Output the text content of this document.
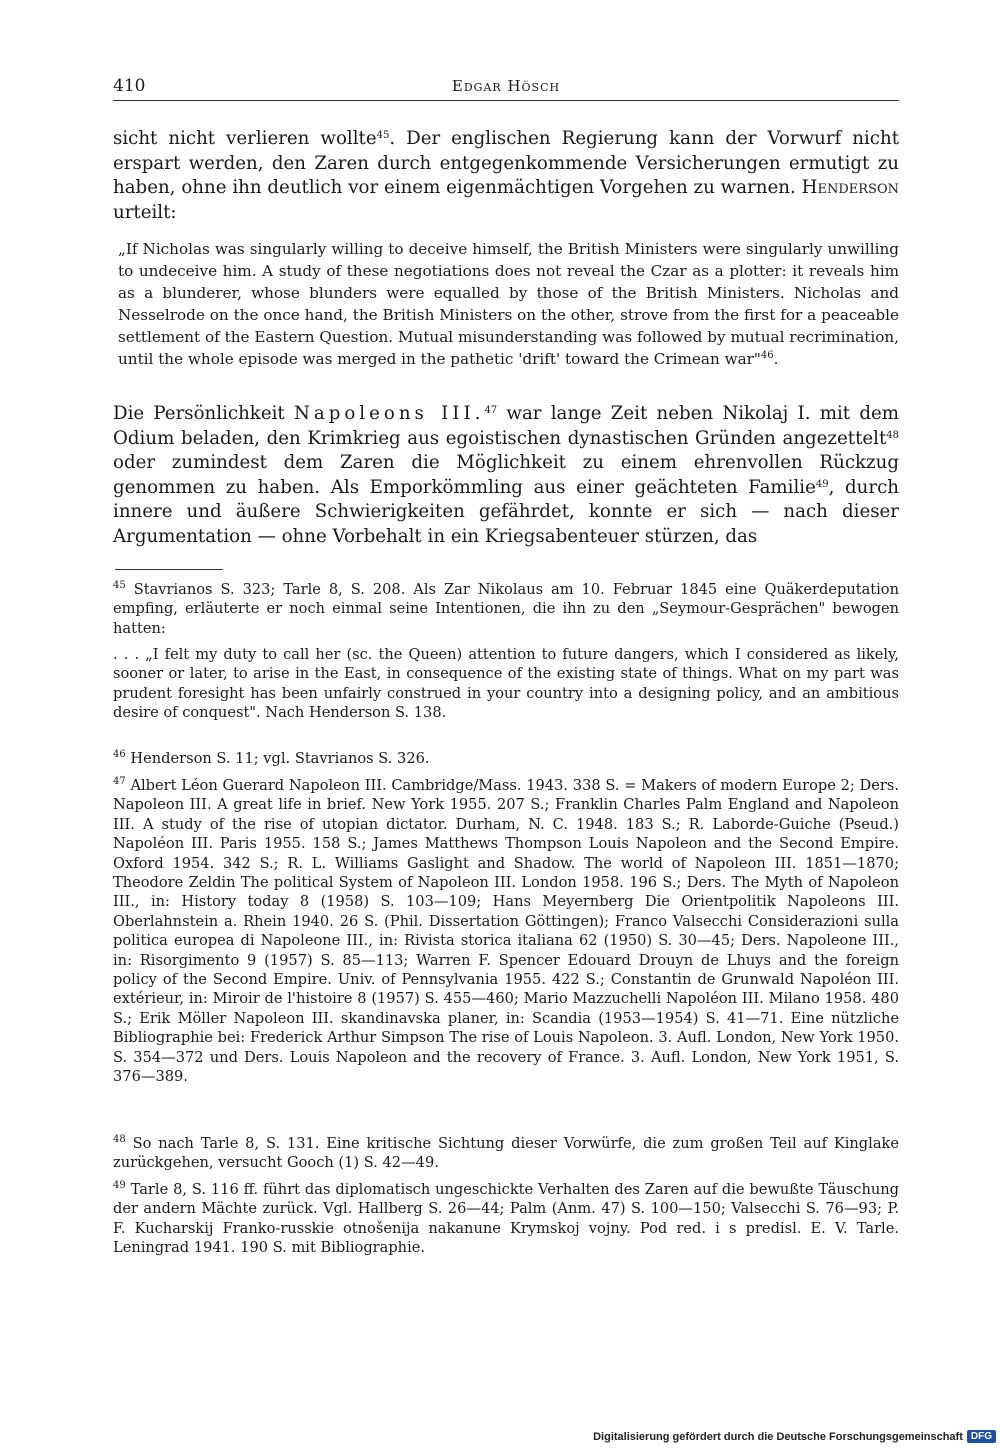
410	Edgar Hösch

sicht nicht verlieren wollte$^{45}$. Der englischen Regierung kann der Vorwurf nicht erspart werden, den Zaren durch entgegenkommende Versicherungen ermutigt zu haben, ohne ihn deutlich vor einem eigenmächtigen Vorgehen zu warnen. Henderson urteilt:

„If Nicholas was singularly willing to deceive himself, the British Ministers were singularly unwilling to undeceive him. A study of these negotiations does not reveal the Czar as a plotter: it reveals him as a blunderer, whose blunders were equalled by those of the British Ministers. Nicholas and Nesselrode on the once hand, the British Ministers on the other, strove from the first for a peaceable settlement of the Eastern Question. Mutual misunderstanding was followed by mutual recrimination, until the whole episode was merged in the pathetic 'drift' toward the Crimean war"$^{46}$.

Die Persönlichkeit Napoleons III.$^{47}$ war lange Zeit neben Nikolaj I. mit dem Odium beladen, den Krimkrieg aus egoistischen dynastischen Gründen angezettelt$^{48}$ oder zumindest dem Zaren die Möglichkeit zu einem ehrenvollen Rückzug genommen zu haben. Als Emporkömmling aus einer geächteten Familie$^{49}$, durch innere und äußere Schwierigkeiten gefährdet, konnte er sich — nach dieser Argumentation — ohne Vorbehalt in ein Kriegsabenteuer stürzen, das

$^{45}$ Stavrianos S. 323; Tarle 8, S. 208. Als Zar Nikolaus am 10. Februar 1845 eine Quäkerdeputation empfing, erläuterte er noch einmal seine Intentionen, die ihn zu den „Seymour-Gesprächen" bewogen hatten:

. . . „I felt my duty to call her (sc. the Queen) attention to future dangers, which I considered as likely, sooner or later, to arise in the East, in consequence of the existing state of things. What on my part was prudent foresight has been unfairly construed in your country into a designing policy, and an ambitious desire of conquest". Nach Henderson S. 138.

$^{46}$ Henderson S. 11; vgl. Stavrianos S. 326.

$^{47}$ Albert Léon Guerard Napoleon III. Cambridge/Mass. 1943. 338 S. = Makers of modern Europe 2; Ders. Napoleon III. A great life in brief. New York 1955. 207 S.; Franklin Charles Palm England and Napoleon III. A study of the rise of utopian dictator. Durham, N. C. 1948. 183 S.; R. Laborde-Guiche (Pseud.) Napoléon III. Paris 1955. 158 S.; James Matthews Thompson Louis Napoleon and the Second Empire. Oxford 1954. 342 S.; R. L. Williams Gaslight and Shadow. The world of Napoleon III. 1851—1870; Theodore Zeldin The political System of Napoleon III. London 1958. 196 S.; Ders. The Myth of Napoleon III., in: History today 8 (1958) S. 103—109; Hans Meyernberg Die Orientpolitik Napoleons III. Oberlahnstein a. Rhein 1940. 26 S. (Phil. Dissertation Göttingen); Franco Valsecchi Considerazioni sulla politica europea di Napoleone III., in: Rivista storica italiana 62 (1950) S. 30—45; Ders. Napoleone III., in: Risorgimento 9 (1957) S. 85—113; Warren F. Spencer Edouard Drouyn de Lhuys and the foreign policy of the Second Empire. Univ. of Pennsylvania 1955. 422 S.; Constantin de Grunwald Napoléon III. extérieur, in: Miroir de l'histoire 8 (1957) S. 455—460; Mario Mazzuchelli Napoléon III. Milano 1958. 480 S.; Erik Möller Napoleon III. skandinavska planer, in: Scandia (1953—1954) S. 41—71. Eine nützliche Bibliographie bei: Frederick Arthur Simpson The rise of Louis Napoleon. 3. Aufl. London, New York 1950. S. 354—372 und Ders. Louis Napoleon and the recovery of France. 3. Aufl. London, New York 1951, S. 376—389.

$^{48}$ So nach Tarle 8, S. 131. Eine kritische Sichtung dieser Vorwürfe, die zum großen Teil auf Kinglake zurückgehen, versucht Gooch (1) S. 42—49.

$^{49}$ Tarle 8, S. 116 ff. führt das diplomatisch ungeschickte Verhalten des Zaren auf die bewußte Täuschung der andern Mächte zurück. Vgl. Hallberg S. 26—44; Palm (Anm. 47) S. 100—150; Valsecchi S. 76—93; P. F. Kucharskij Franko-russkie otnošenija nakanune Krymskoj vojny. Pod red. i s predisl. E. V. Tarle. Leningrad 1941. 190 S. mit Bibliographie.

Digitalisierung gefördert durch die Deutsche Forschungsgemeinschaft DFG
